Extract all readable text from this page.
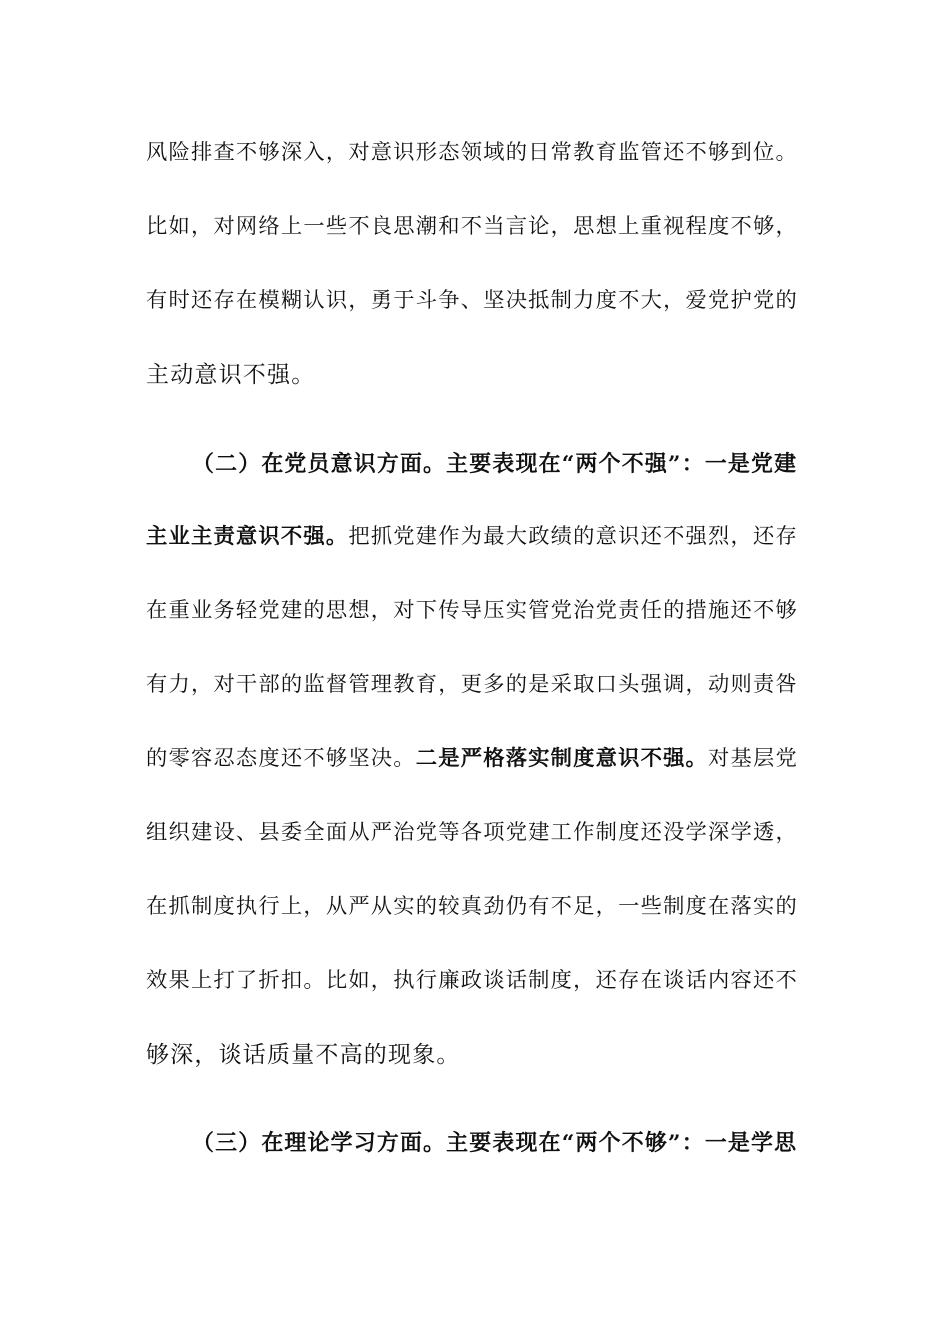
风险排查不够深入，对意识形态领域的日常教育监管还不够到位。
比如，对网络上一些不良思潮和不当言论，思想上重视程度不够，
有时还存在模糊认识，勇于斗争、坚决抵制力度不大，爱党护党的
主动意识不强。
（二）在党员意识方面。主要表现在“两个不强”：一是党建
主业主责意识不强。把抓党建作为最大政绩的意识还不强烈，还存
在重业务轻党建的思想，对下传导压实管党治党责任的措施还不够
有力，对干部的监督管理教育，更多的是采取口头强调，动则责咎
的零容忍态度还不够坚决。二是严格落实制度意识不强。对基层党
组织建设、县委全面从严治党等各项党建工作制度还没学深学透，
在抓制度执行上，从严从实的较真劲仍有不足，一些制度在落实的
效果上打了折扣。比如，执行廉政谈话制度，还存在谈话内容还不
够深，谈话质量不高的现象。
（三）在理论学习方面。主要表现在“两个不够”：一是学思
